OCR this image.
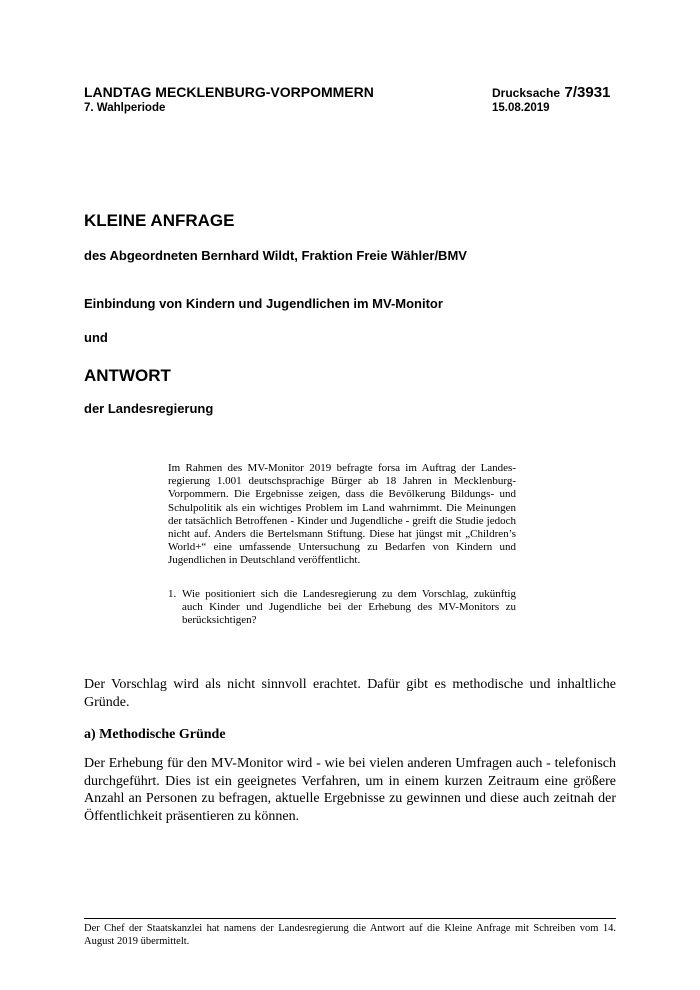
LANDTAG MECKLENBURG-VORPOMMERN
7. Wahlperiode
Drucksache 7/3931
15.08.2019
KLEINE ANFRAGE
des Abgeordneten Bernhard Wildt, Fraktion Freie Wähler/BMV
Einbindung von Kindern und Jugendlichen im MV-Monitor
und
ANTWORT
der Landesregierung

Im Rahmen des MV-Monitor 2019 befragte forsa im Auftrag der Landes-regierung 1.001 deutschsprachige Bürger ab 18 Jahren in Mecklenburg-Vorpommern. Die Ergebnisse zeigen, dass die Bevölkerung Bildungs- und Schulpolitik als ein wichtiges Problem im Land wahrnimmt. Die Meinungen der tatsächlich Betroffenen - Kinder und Jugendliche - greift die Studie jedoch nicht auf. Anders die Bertelsmann Stiftung. Diese hat jüngst mit „Children’s World+“ eine umfassende Untersuchung zu Bedarfen von Kindern und Jugendlichen in Deutschland veröffentlicht.

1. Wie positioniert sich die Landesregierung zu dem Vorschlag, zukünftig auch Kinder und Jugendliche bei der Erhebung des MV-Monitors zu berücksichtigen?

Der Vorschlag wird als nicht sinnvoll erachtet. Dafür gibt es methodische und inhaltliche Gründe.

a) Methodische Gründe

Der Erhebung für den MV-Monitor wird - wie bei vielen anderen Umfragen auch - telefonisch durchgeführt. Dies ist ein geeignetes Verfahren, um in einem kurzen Zeitraum eine größere Anzahl an Personen zu befragen, aktuelle Ergebnisse zu gewinnen und diese auch zeitnah der Öffentlichkeit präsentieren zu können.

Der Chef der Staatskanzlei hat namens der Landesregierung die Antwort auf die Kleine Anfrage mit Schreiben vom 14. August 2019 übermittelt.
